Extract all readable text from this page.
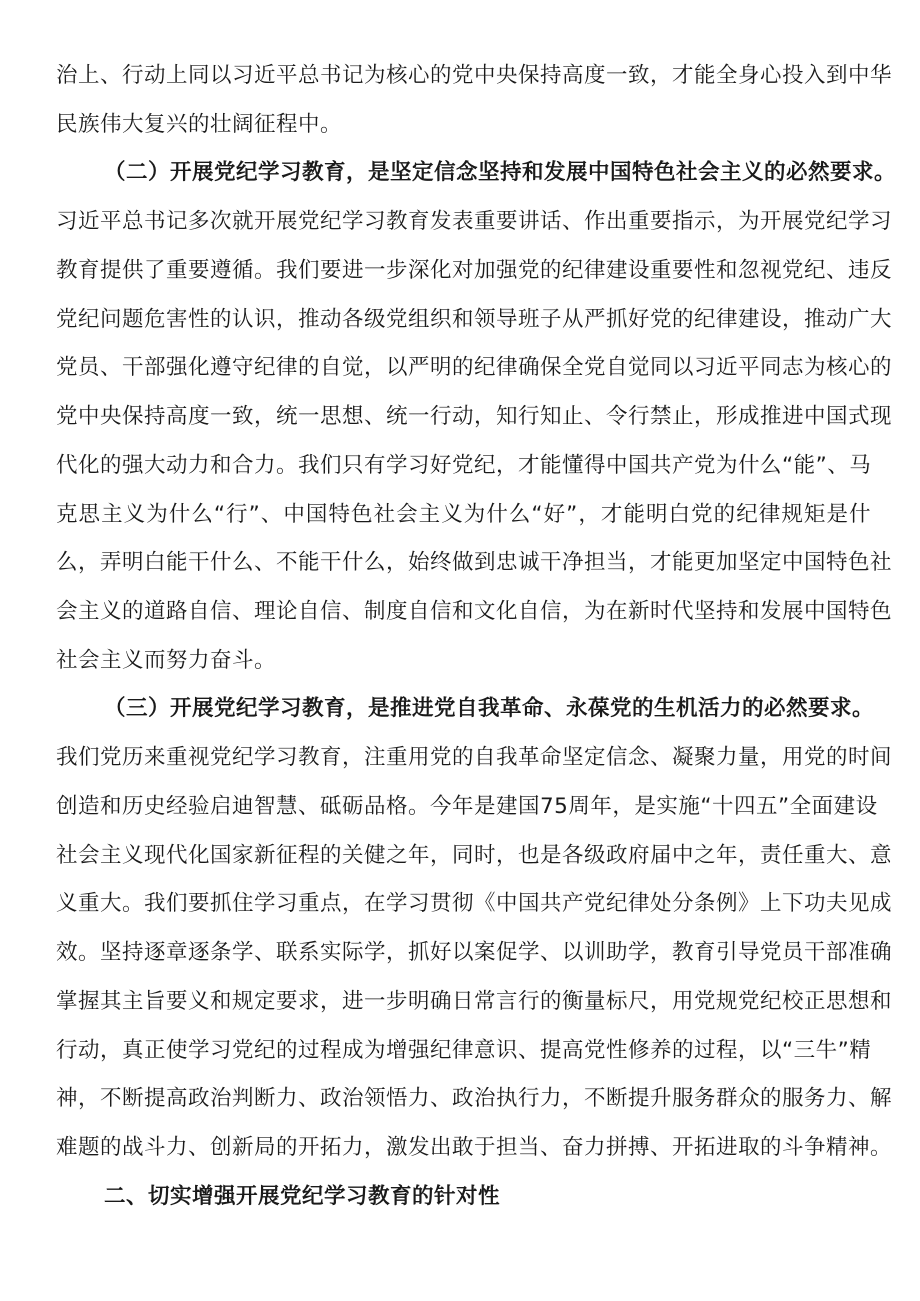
治上、行动上同以习近平总书记为核心的党中央保持高度一致，才能全身心投入到中华
民族伟大复兴的壮阔征程中。
（二）开展党纪学习教育，是坚定信念坚持和发展中国特色社会主义的必然要求。
习近平总书记多次就开展党纪学习教育发表重要讲话、作出重要指示，为开展党纪学习
教育提供了重要遵循。我们要进一步深化对加强党的纪律建设重要性和忽视党纪、违反
党纪问题危害性的认识，推动各级党组织和领导班子从严抓好党的纪律建设，推动广大
党员、干部强化遵守纪律的自觉，以严明的纪律确保全党自觉同以习近平同志为核心的
党中央保持高度一致，统一思想、统一行动，知行知止、令行禁止，形成推进中国式现
代化的强大动力和合力。我们只有学习好党纪，才能懂得中国共产党为什么“能”、马
克思主义为什么“行”、中国特色社会主义为什么“好”，才能明白党的纪律规矩是什
么，弄明白能干什么、不能干什么，始终做到忠诚干净担当，才能更加坚定中国特色社
会主义的道路自信、理论自信、制度自信和文化自信，为在新时代坚持和发展中国特色
社会主义而努力奋斗。
（三）开展党纪学习教育，是推进党自我革命、永葆党的生机活力的必然要求。
我们党历来重视党纪学习教育，注重用党的自我革命坚定信念、凝聚力量，用党的时间
创造和历史经验启迪智慧、砥砺品格。今年是建国75周年，是实施“十四五”全面建设
社会主义现代化国家新征程的关健之年，同时，也是各级政府届中之年，责任重大、意
义重大。我们要抓住学习重点，在学习贯彻《中国共产党纪律处分条例》上下功夫见成
效。坚持逐章逐条学、联系实际学，抓好以案促学、以训助学，教育引导党员干部准确
掌握其主旨要义和规定要求，进一步明确日常言行的衡量标尺，用党规党纪校正思想和
行动，真正使学习党纪的过程成为增强纪律意识、提高党性修养的过程，以“三牛”精
神，不断提高政治判断力、政治领悟力、政治执行力，不断提升服务群众的服务力、解
难题的战斗力、创新局的开拓力，激发出敢于担当、奋力拼搏、开拓进取的斗争精神。
二、切实增强开展党纪学习教育的针对性
